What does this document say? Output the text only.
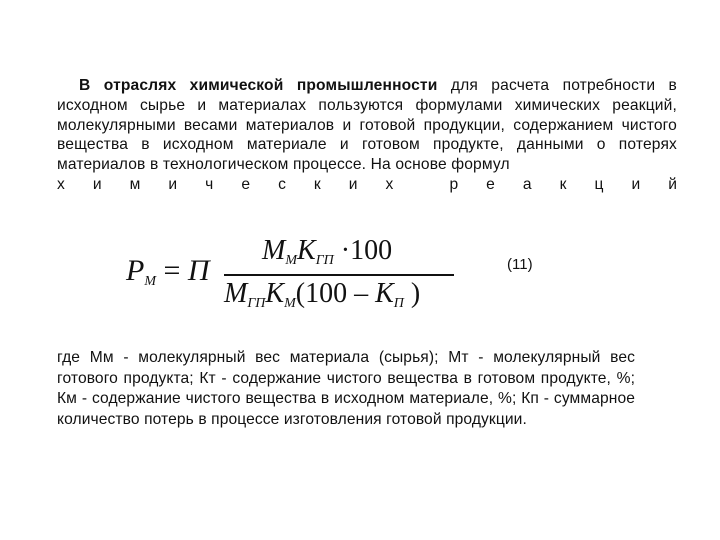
В отраслях химической промышленности для расчета потребности в исходном сырье и материалах пользуются формулами химических реакций, молекулярными весами материалов и готовой продукции, содержанием чистого вещества в исходном материале и готовом продукте, данными о потерях материалов в технологическом процессе. На основе формул
х и м и ч е с к и х	р е а к ц и й
$P_M = П$
$M_MK_{ГП} \cdot 100$
$M_{ГП}K_M(100 - K_П$ )
(11)
где Мм - молекулярный вес материала (сырья); Мт - молекулярный вес готового продукта; Кт - содержание чистого вещества в готовом продукте, %; Км - содержание чистого вещества в исходном материале, %; Кп - суммарное количество потерь в процессе изготовления готовой продукции.
